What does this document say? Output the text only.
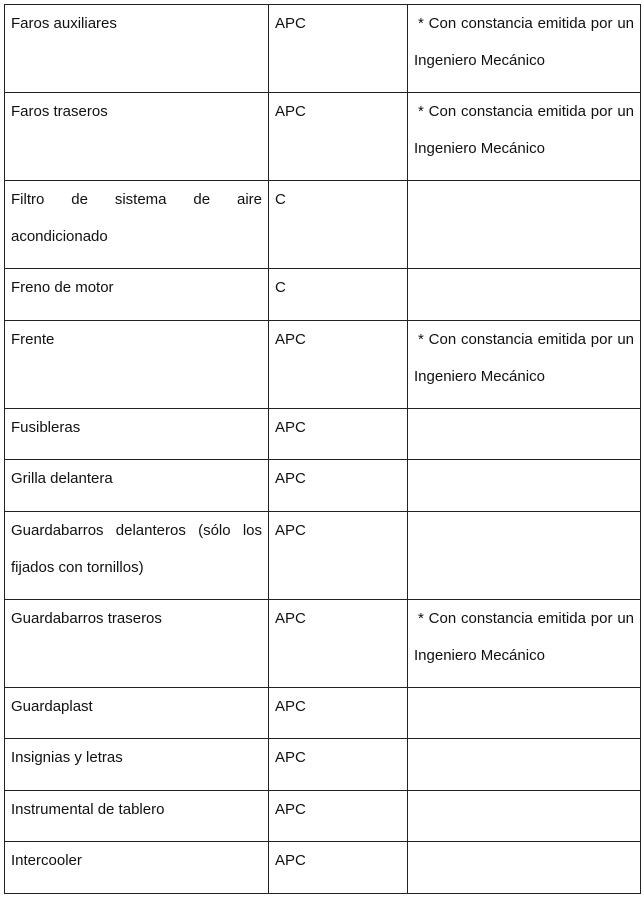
Faros auxiliares	APC	* Con constancia emitida por un Ingeniero Mecánico
Faros traseros	APC	* Con constancia emitida por un Ingeniero Mecánico
Filtro de sistema de aire acondicionado	C	
Freno de motor	C	
Frente	APC	* Con constancia emitida por un Ingeniero Mecánico
Fusibleras	APC	
Grilla delantera	APC	
Guardabarros delanteros (sólo los fijados con tornillos)	APC	
Guardabarros traseros	APC	* Con constancia emitida por un Ingeniero Mecánico
Guardaplast	APC	
Insignias y letras	APC	
Instrumental de tablero	APC	
Intercooler	APC	
